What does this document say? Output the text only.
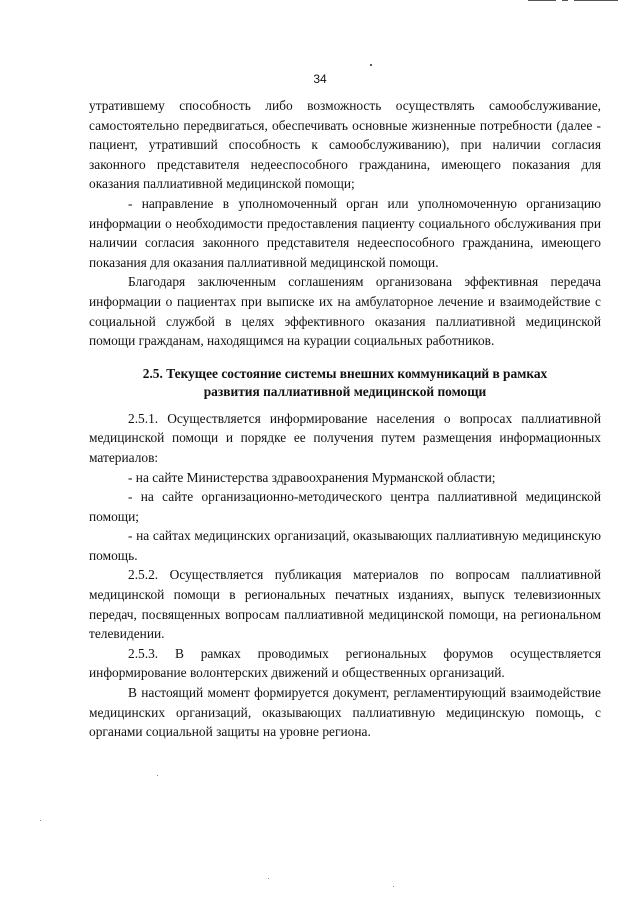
34

утратившему способность либо возможность осуществлять самообслуживание, самостоятельно передвигаться, обеспечивать основные жизненные потребности (далее - пациент, утративший способность к самообслуживанию), при наличии согласия законного представителя недееспособного гражданина, имеющего показания для оказания паллиативной медицинской помощи;

- направление в уполномоченный орган или уполномоченную организацию информации о необходимости предоставления пациенту социального обслуживания при наличии согласия законного представителя недееспособного гражданина, имеющего показания для оказания паллиативной медицинской помощи.

Благодаря заключенным соглашениям организована эффективная передача информации о пациентах при выписке их на амбулаторное лечение и взаимодействие с социальной службой в целях эффективного оказания паллиативной медицинской помощи гражданам, находящимся на курации социальных работников.

2.5. Текущее состояние системы внешних коммуникаций в рамках
развития паллиативной медицинской помощи

2.5.1. Осуществляется информирование населения о вопросах паллиативной медицинской помощи и порядке ее получения путем размещения информационных материалов:

- на сайте Министерства здравоохранения Мурманской области;

- на сайте организационно-методического центра паллиативной медицинской помощи;

- на сайтах медицинских организаций, оказывающих паллиативную медицинскую помощь.

2.5.2. Осуществляется публикация материалов по вопросам паллиативной медицинской помощи в региональных печатных изданиях, выпуск телевизионных передач, посвященных вопросам паллиативной медицинской помощи, на региональном телевидении.

2.5.3. В рамках проводимых региональных форумов осуществляется информирование волонтерских движений и общественных организаций.

В настоящий момент формируется документ, регламентирующий взаимодействие медицинских организаций, оказывающих паллиативную медицинскую помощь, с органами социальной защиты на уровне региона.
